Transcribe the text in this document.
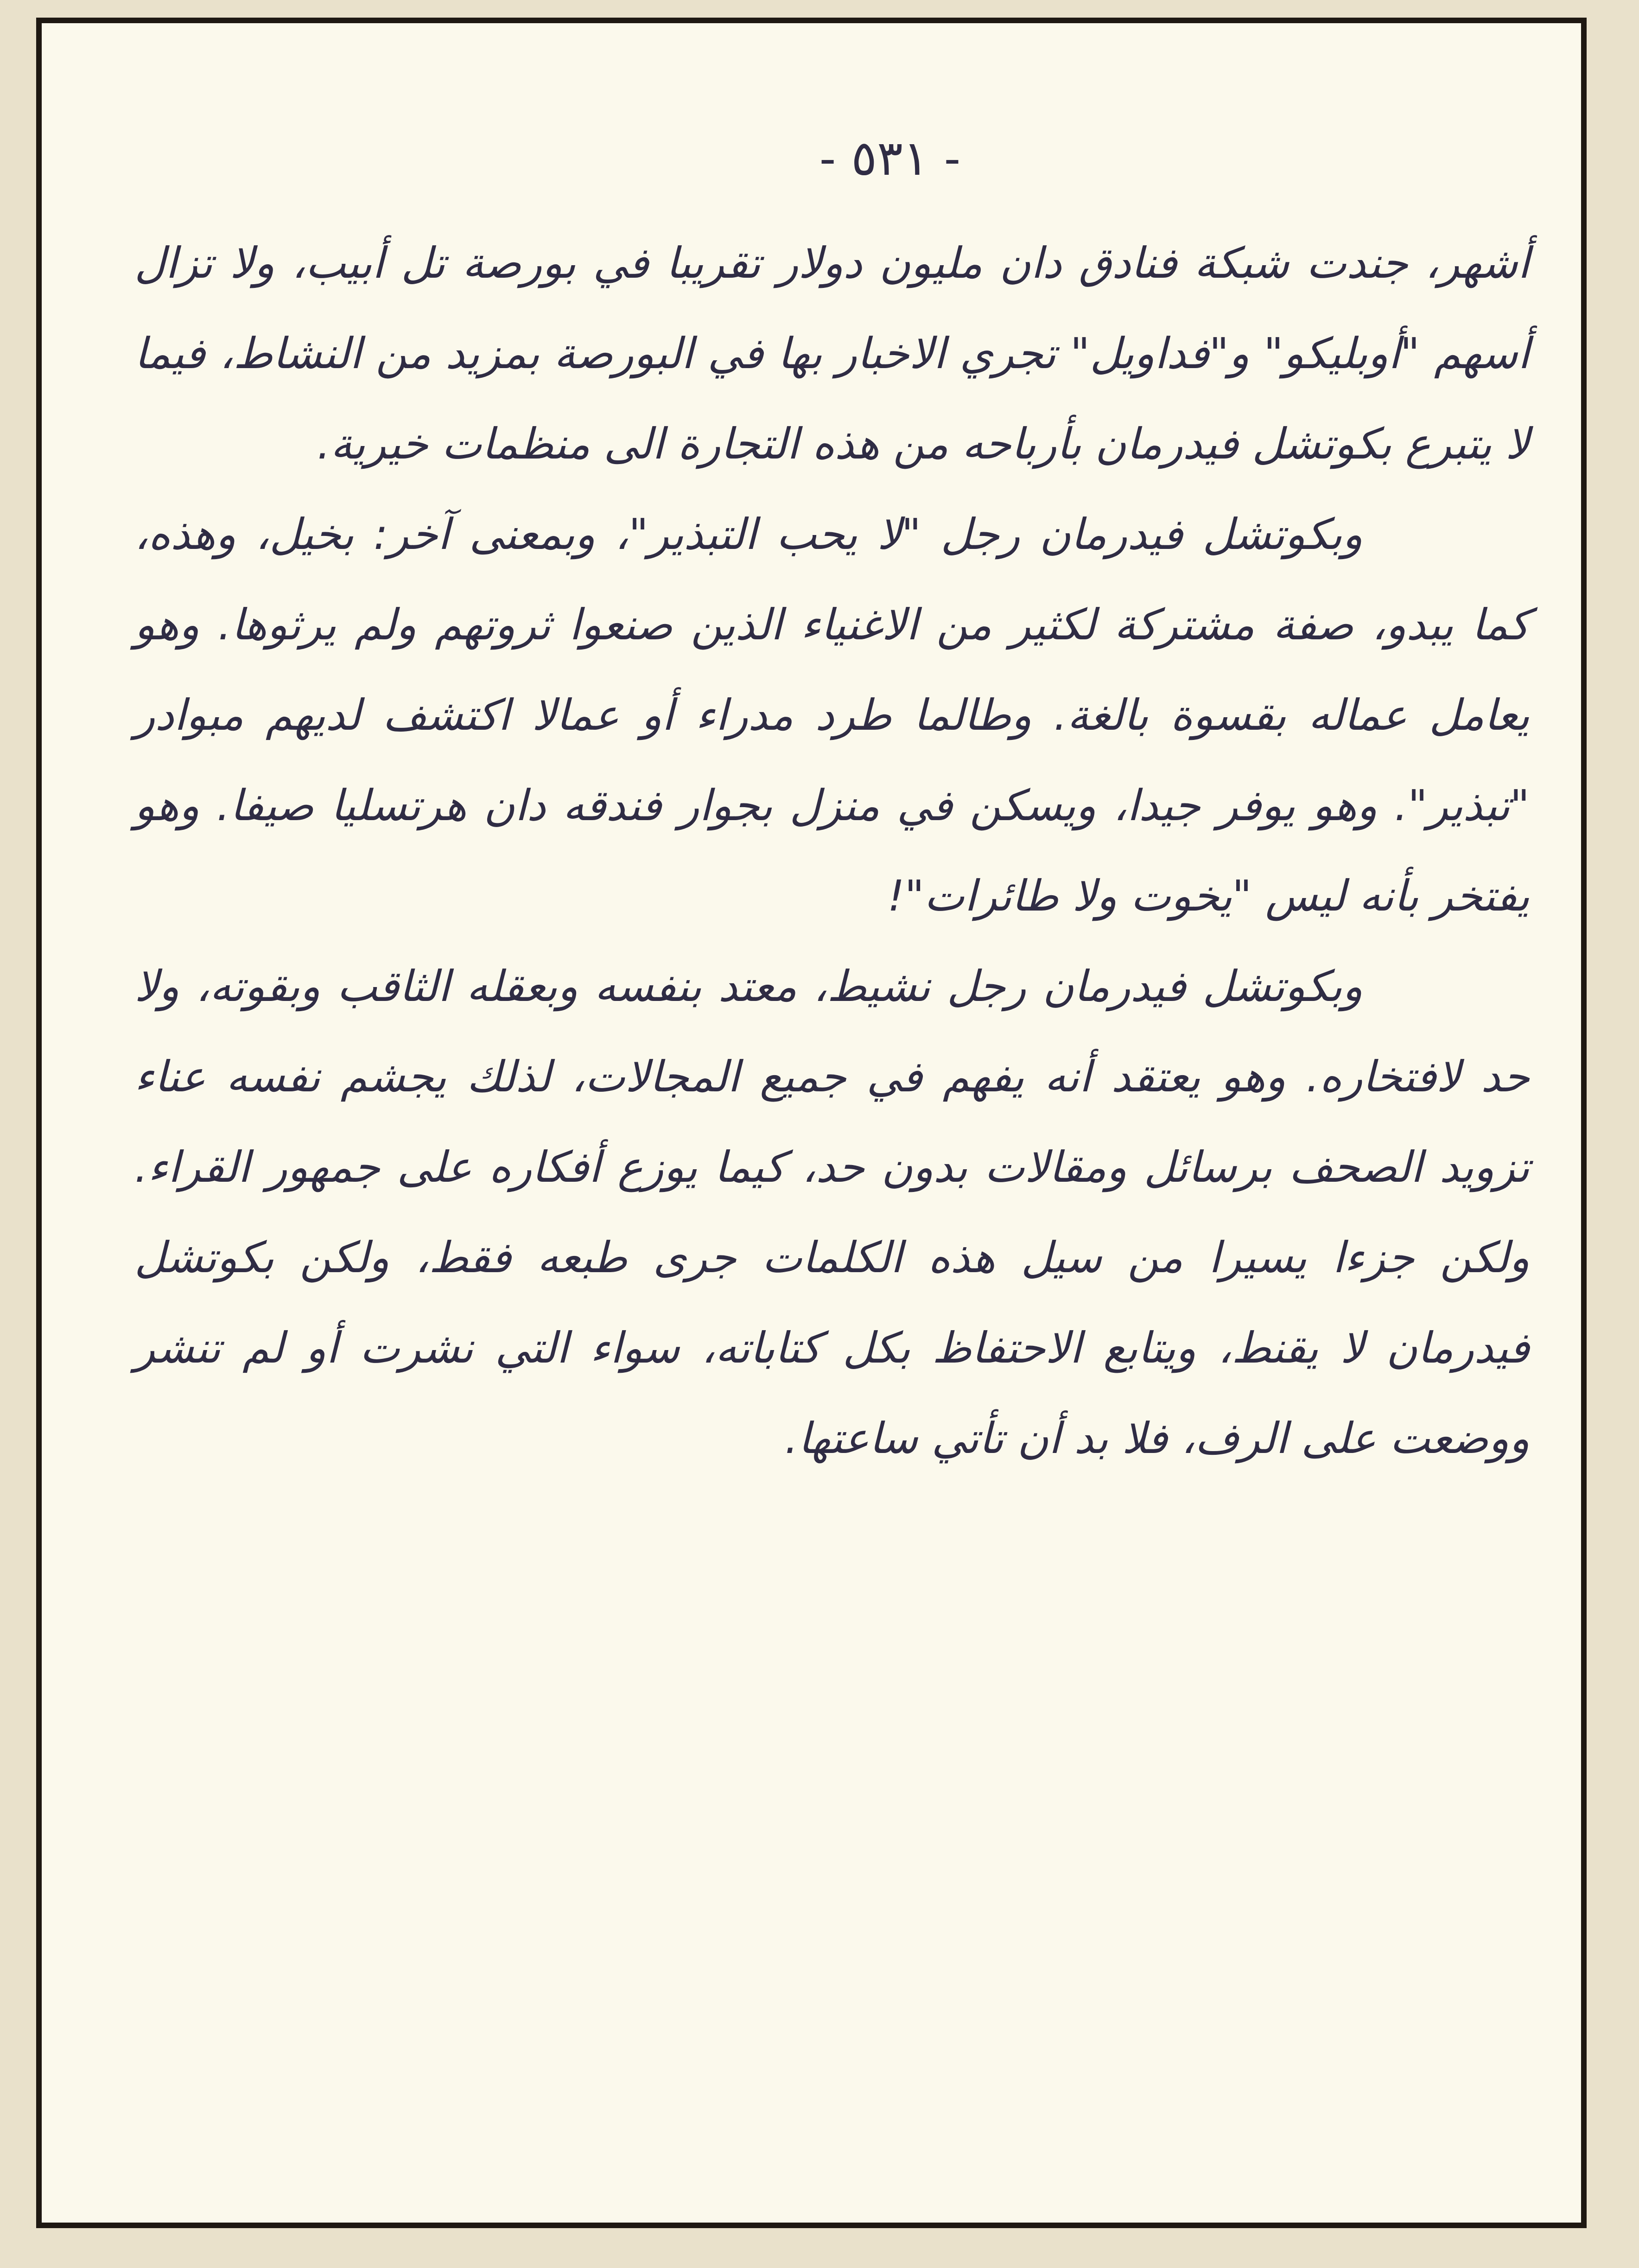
- ٥٣١ -

أشهر، جندت شبكة فنادق دان مليون دولار تقريبا في بورصة تل أبيب، ولا تزال أسهم "أوبليكو" و"فداويل" تجري الاخبار بها في البورصة بمزيد من النشاط، فيما لا يتبرع بكوتشل فيدرمان بأرباحه من هذه التجارة الى منظمات خيرية.

وبكوتشل فيدرمان رجل "لا يحب التبذير"، وبمعنى آخر: بخيل، وهذه، كما يبدو، صفة مشتركة لكثير من الاغنياء الذين صنعوا ثروتهم ولم يرثوها. وهو يعامل عماله بقسوة بالغة. وطالما طرد مدراء أو عمالا اكتشف لديهم مبوادر "تبذير". وهو يوفر جيدا، ويسكن في منزل بجوار فندقه دان هرتسليا صيفا. وهو يفتخر بأنه ليس "يخوت ولا طائرات"!

وبكوتشل فيدرمان رجل نشيط، معتد بنفسه وبعقله الثاقب وبقوته، ولا حد لافتخاره. وهو يعتقد أنه يفهم في جميع المجالات، لذلك يجشم نفسه عناء تزويد الصحف برسائل ومقالات بدون حد، كيما يوزع أفكاره على جمهور القراء. ولكن جزءا يسيرا من سيل هذه الكلمات جرى طبعه فقط، ولكن بكوتشل فيدرمان لا يقنط، ويتابع الاحتفاظ بكل كتاباته، سواء التي نشرت أو لم تنشر ووضعت على الرف، فلا بد أن تأتي ساعتها.
